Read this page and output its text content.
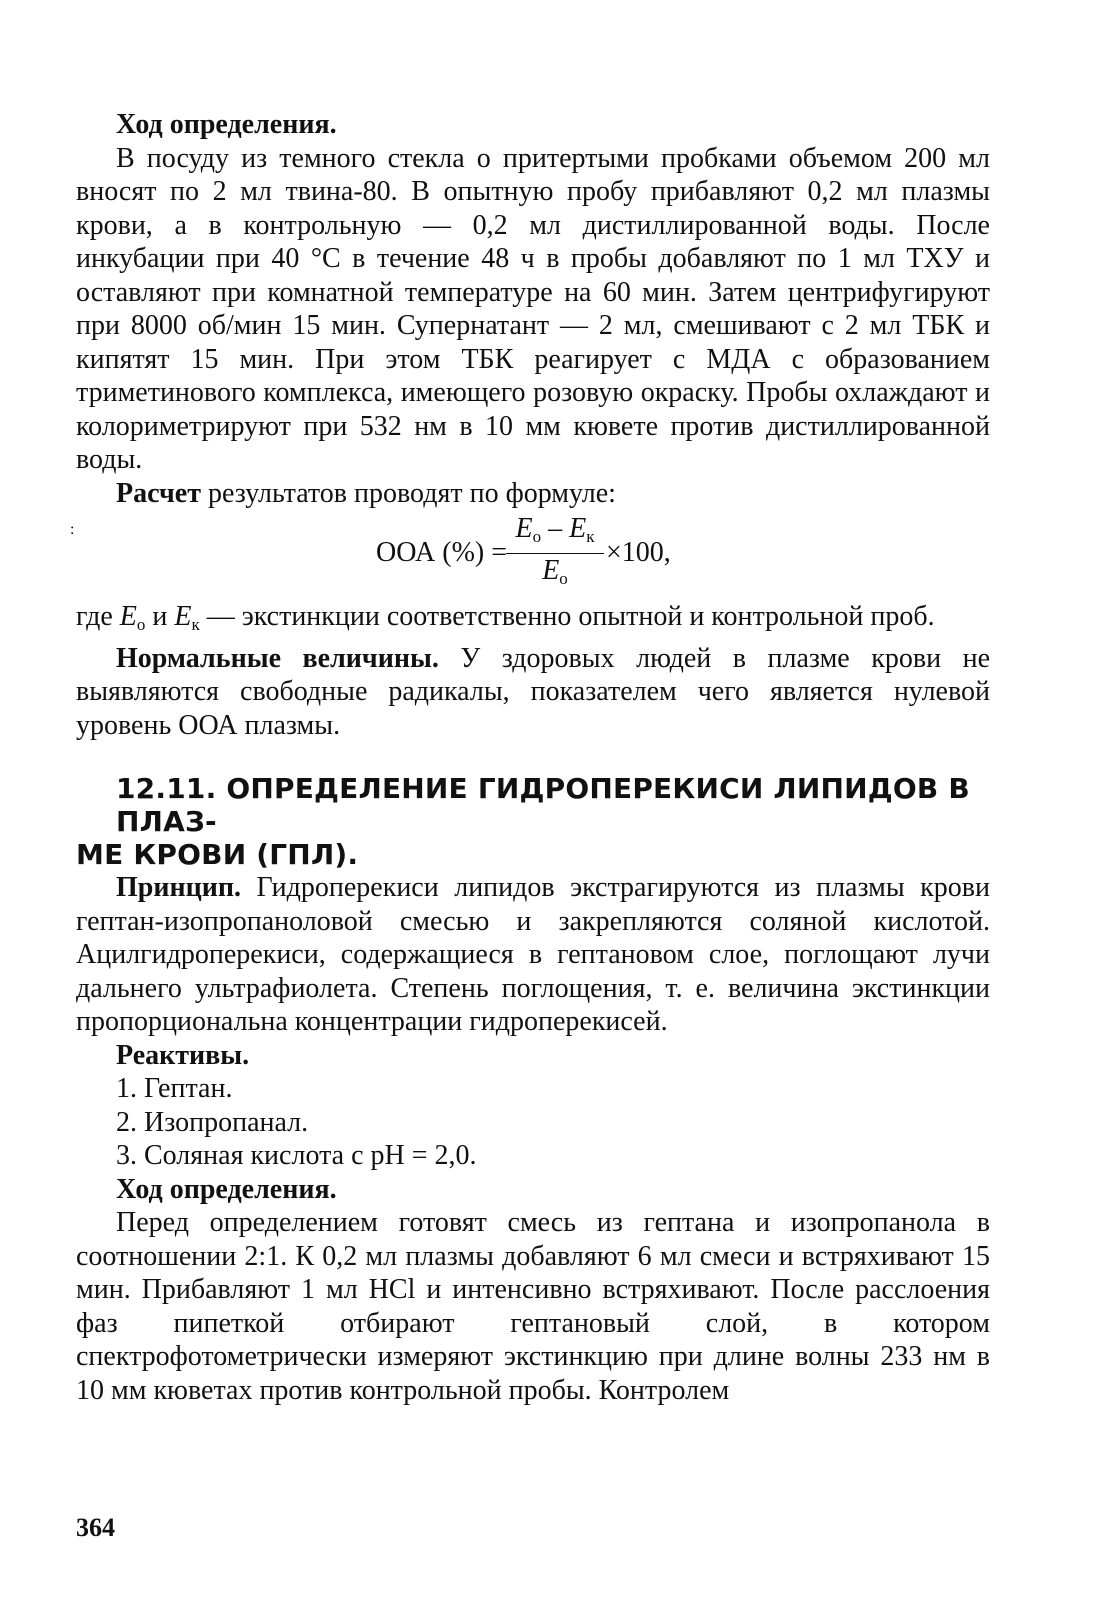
Ход определения.

В посуду из темного стекла о притертыми пробками объемом 200 мл вносят по 2 мл твина-80. В опытную пробу прибавляют 0,2 мл плазмы крови, а в контрольную — 0,2 мл дистиллированной воды. После инкубации при 40 °С в течение 48 ч в пробы добавляют по 1 мл ТХУ и оставляют при комнатной температуре на 60 мин. Затем центрифугируют при 8000 об/мин 15 мин. Супернатант — 2 мл, смешивают с 2 мл ТБК и кипятят 15 мин. При этом ТБК реагирует с МДА с образованием триметинового комплекса, имеющего розовую окраску. Пробы охлаждают и колориметрируют при 532 нм в 10 мм кювете против дистиллированной воды.

Расчет результатов проводят по формуле:

:
ООА (%) =
$E_о - E_к$
$E_о$
×100,

где $E_о$ и $E_к$ — экстинкции соответственно опытной и контрольной проб.

Нормальные величины. У здоровых людей в плазме крови не выявляются свободные радикалы, показателем чего является нулевой уровень ООА плазмы.

12.11. ОПРЕДЕЛЕНИЕ ГИДРОПЕРЕКИСИ ЛИПИДОВ В ПЛАЗ-
МЕ КРОВИ (ГПЛ).

Принцип. Гидроперекиси липидов экстрагируются из плазмы крови гептан-изопропаноловой смесью и закрепляются соляной кислотой. Ацилгидроперекиси, содержащиеся в гептановом слое, поглощают лучи дальнего ультрафиолета. Степень поглощения, т. е. величина экстинкции пропорциональна концентрации гидроперекисей.

Реактивы.

1. Гептан.
2. Изопропанал.
3. Соляная кислота с рН = 2,0.

Ход определения.

Перед определением готовят смесь из гептана и изопропанола в соотношении 2:1. К 0,2 мл плазмы добавляют 6 мл смеси и встряхивают 15 мин. Прибавляют 1 мл HCl и интенсивно встряхивают. После расслоения фаз пипеткой отбирают гептановый слой, в котором спектрофотометрически измеряют экстинкцию при длине волны 233 нм в 10 мм кюветах против контрольной пробы. Контролем

364
